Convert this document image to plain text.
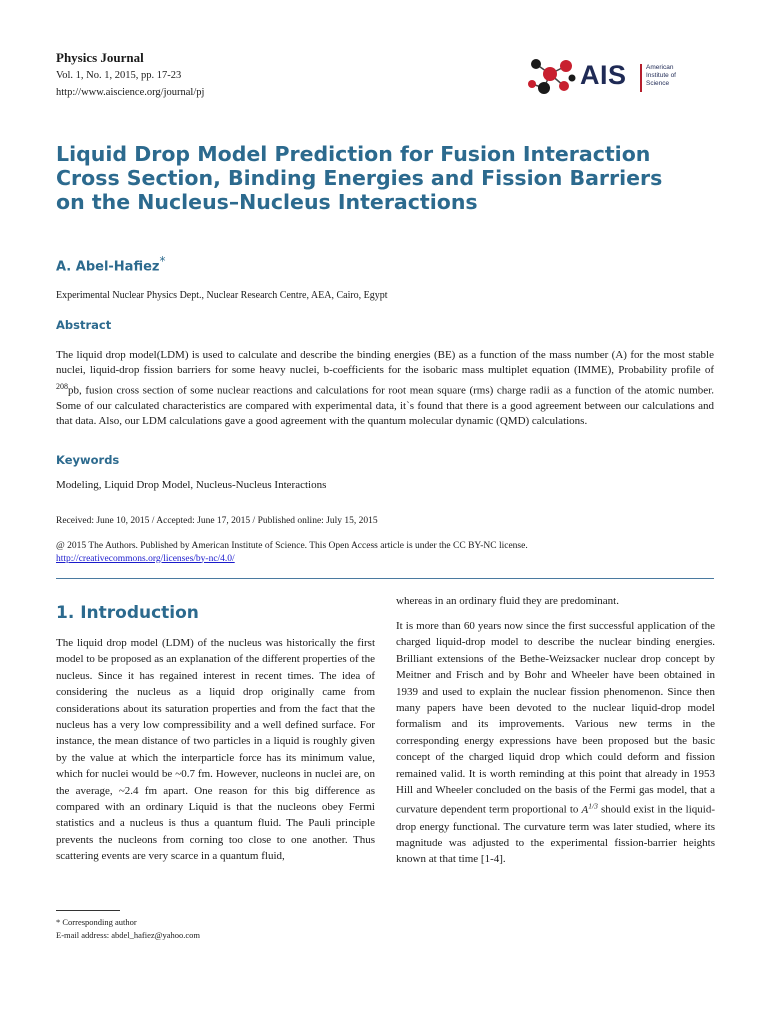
Physics Journal
Vol. 1, No. 1, 2015, pp. 17-23
http://www.aiscience.org/journal/pj
AIS	American
Institute of
Science
Liquid Drop Model Prediction for Fusion Interaction Cross Section, Binding Energies and Fission Barriers on the Nucleus–Nucleus Interactions
A. Abel-Hafiez*
Experimental Nuclear Physics Dept., Nuclear Research Centre, AEA, Cairo, Egypt
Abstract

The liquid drop model(LDM) is used to calculate and describe the binding energies (BE) as a function of the mass number (A) for the most stable nuclei, liquid-drop fission barriers for some heavy nuclei, b-coefficients for the isobaric mass multiplet equation (IMME), Probability profile of $^{208}$pb, fusion cross section of some nuclear reactions and calculations for root mean square (rms) charge radii as a function of the atomic number. Some of our calculated characteristics are compared with experimental data, it`s found that there is a good agreement between our calculations and that data. Also, our LDM calculations gave a good agreement with the quantum molecular dynamic (QMD) calculations.

Keywords
Modeling, Liquid Drop Model, Nucleus-Nucleus Interactions
Received: June 10, 2015 / Accepted: June 17, 2015 / Published online: July 15, 2015

@ 2015 The Authors. Published by American Institute of Science. This Open Access article is under the CC BY-NC license. http://creativecommons.org/licenses/by-nc/4.0/

1. Introduction

The liquid drop model (LDM) of the nucleus was historically the first model to be proposed as an explanation of the different properties of the nucleus. Since it has regained interest in recent times. The idea of considering the nucleus as a liquid drop originally came from considerations about its saturation properties and from the fact that the nucleus has a very low compressibility and a well defined surface. For instance, the mean distance of two particles in a liquid is roughly given by the value at which the interparticle force has its minimum value, which for nuclei would be ~0.7 fm. However, nucleons in nuclei are, on the average, ~2.4 fm apart. One reason for this big difference as compared with an ordinary Liquid is that the nucleons obey Fermi statistics and a nucleus is thus a quantum fluid. The Pauli principle prevents the nucleons from corning too close to one another. Thus scattering events are very scarce in a quantum fluid,

whereas in an ordinary fluid they are predominant.

It is more than 60 years now since the first successful application of the charged liquid-drop model to describe the nuclear binding energies. Brilliant extensions of the Bethe-Weizsacker nuclear drop concept by Meitner and Frisch and by Bohr and Wheeler have been obtained in 1939 and used to explain the nuclear fission phenomenon. Since then many papers have been devoted to the nuclear liquid-drop model formalism and its improvements. Various new terms in the corresponding energy expressions have been proposed but the basic concept of the charged liquid drop which could deform and fission remained valid. It is worth reminding at this point that already in 1953 Hill and Wheeler concluded on the basis of the Fermi gas model, that a curvature dependent term proportional to $A^{1/3}$ should exist in the liquid-drop energy functional. The curvature term was later studied, where its magnitude was adjusted to the experimental fission-barrier heights known at that time [1-4].

* Corresponding author
E-mail address: abdel_hafiez@yahoo.com
